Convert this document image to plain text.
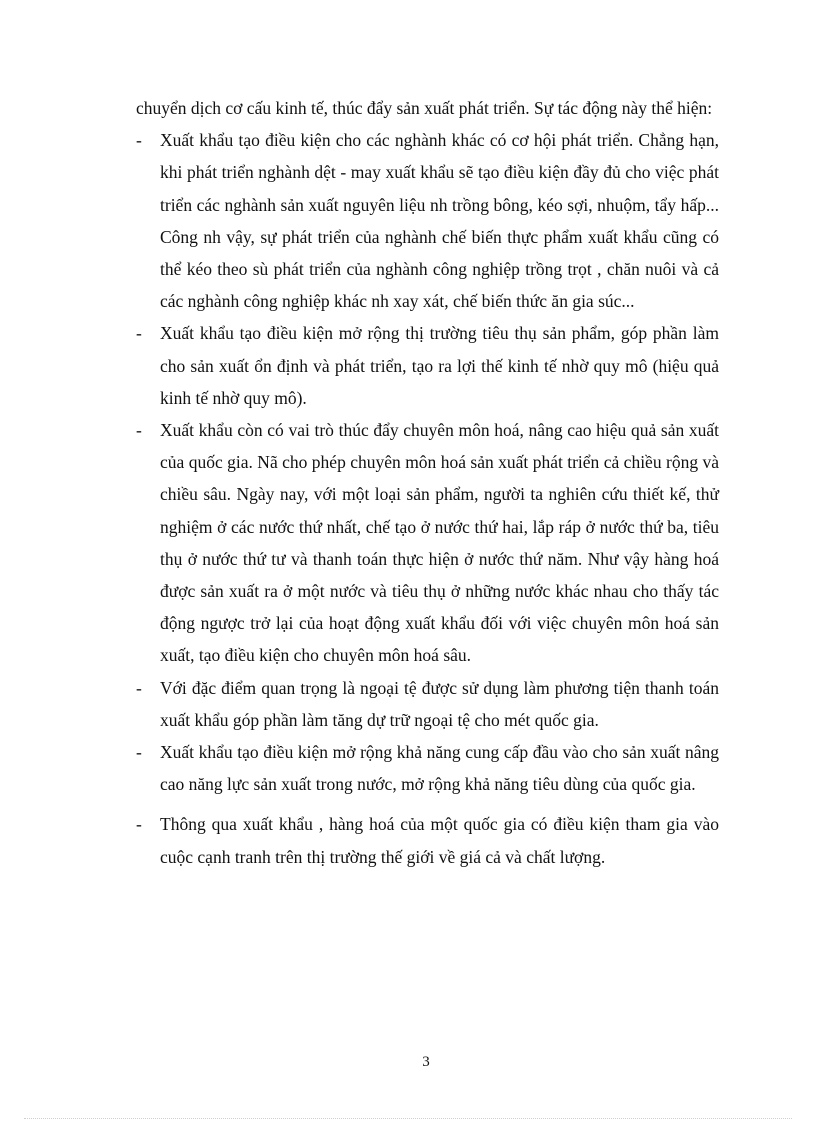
chuyển dịch cơ cấu kinh tế, thúc đẩy sản xuất phát triển. Sự tác động này thể hiện:

- Xuất khẩu tạo điều kiện cho các nghành khác có cơ hội phát triển. Chẳng hạn, khi phát triển nghành dệt - may xuất khẩu sẽ tạo điều kiện đầy đủ cho việc phát triển các nghành sản xuất nguyên liệu nh trồng bông, kéo sợi, nhuộm, tẩy hấp... Công nh vậy, sự phát triển của nghành chế biến thực phẩm xuất khẩu cũng có thể kéo theo sù phát triển của nghành công nghiệp trồng trọt , chăn nuôi và cả các nghành công nghiệp khác nh xay xát, chế biến thức ăn gia súc...
- Xuất khẩu tạo điều kiện mở rộng thị trường tiêu thụ sản phẩm, góp phần làm cho sản xuất ổn định và phát triển, tạo ra lợi thế kinh tế nhờ quy mô (hiệu quả kinh tế nhờ quy mô).
- Xuất khẩu còn có vai trò thúc đẩy chuyên môn hoá, nâng cao hiệu quả sản xuất của quốc gia. Nã cho phép chuyên môn hoá sản xuất phát triển cả chiều rộng và chiều sâu. Ngày nay, với một loại sản phẩm, người ta nghiên cứu thiết kế, thử nghiệm ở các nước thứ nhất, chế tạo ở nước thứ hai, lắp ráp ở nước thứ ba, tiêu thụ ở nước thứ tư và thanh toán thực hiện ở nước thứ năm. Như vậy hàng hoá được sản xuất ra ở một nước và tiêu thụ ở những nước khác nhau cho thấy tác động ngược trở lại của hoạt động xuất khẩu đối với việc chuyên môn hoá sản xuất, tạo điều kiện cho chuyên môn hoá sâu.
- Với đặc điểm quan trọng là ngoại tệ được sử dụng làm phương tiện thanh toán xuất khẩu góp phần làm tăng dự trữ ngoại tệ cho mét quốc gia.
- Xuất khẩu tạo điều kiện mở rộng khả năng cung cấp đầu vào cho sản xuất nâng cao năng lực sản xuất trong nước, mở rộng khả năng tiêu dùng của quốc gia.
- Thông qua xuất khẩu , hàng hoá của một quốc gia có điều kiện tham gia vào cuộc cạnh tranh trên thị trường thế giới về giá cả và chất lượng.
3
